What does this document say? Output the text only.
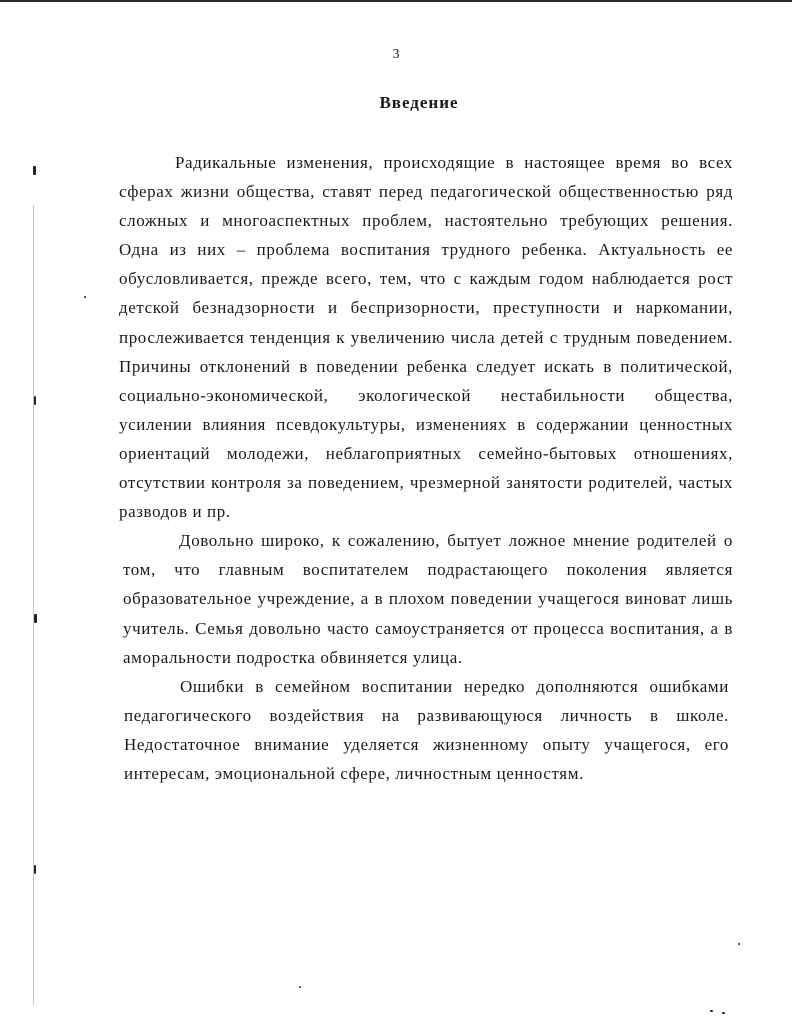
3
Введение

Радикальные изменения, происходящие в настоящее время во всех сферах жизни общества, ставят перед педагогической общественностью ряд сложных и многоаспектных проблем, настоятельно требующих решения. Одна из них – проблема воспитания трудного ребенка. Актуальность ее обусловливается, прежде всего, тем, что с каждым годом наблюдается рост детской безнадзорности и беспризорности, преступности и наркомании, прослеживается тенденция к увеличению числа детей с трудным поведением. Причины отклонений в поведении ребенка следует искать в политической, социально-экономической, экологической нестабильности общества, усилении влияния псевдокультуры, изменениях в содержании ценностных ориентаций молодежи, неблагоприятных семейно-бытовых отношениях, отсутствии контроля за поведением, чрезмерной занятости родителей, частых разводов и пр.

Довольно широко, к сожалению, бытует ложное мнение родителей о том, что главным воспитателем подрастающего поколения является образовательное учреждение, а в плохом поведении учащегося виноват лишь учитель. Семья довольно часто самоустраняется от процесса воспитания, а в аморальности подростка обвиняется улица.

Ошибки в семейном воспитании нередко дополняются ошибками педагогического воздействия на развивающуюся личность в школе. Недостаточное внимание уделяется жизненному опыту учащегося, его интересам, эмоциональной сфере, личностным ценностям.
